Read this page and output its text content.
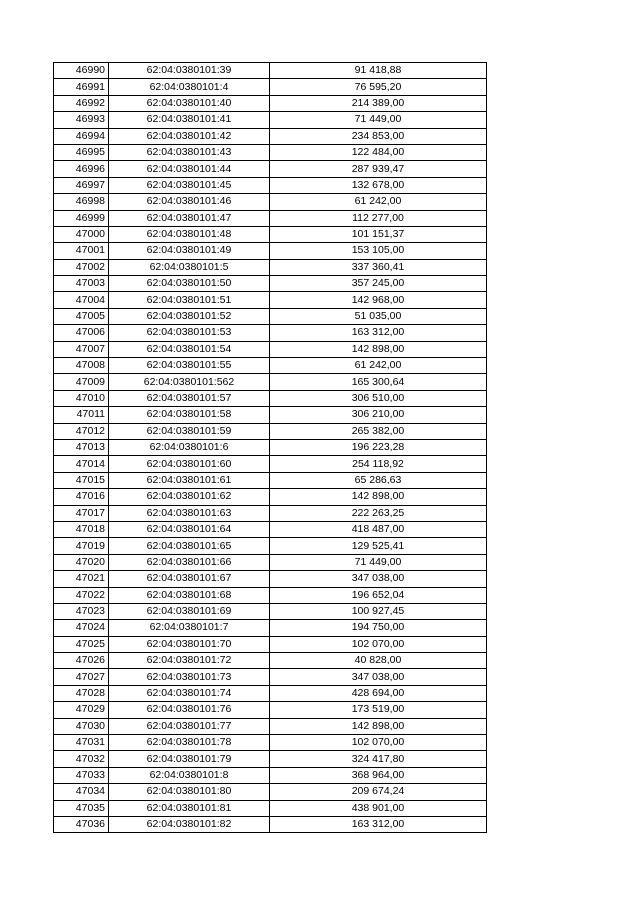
46990	62:04:0380101:39	91 418,88
46991	62:04:0380101:4	76 595,20
46992	62:04:0380101:40	214 389,00
46993	62:04:0380101:41	71 449,00
46994	62:04:0380101:42	234 853,00
46995	62:04:0380101:43	122 484,00
46996	62:04:0380101:44	287 939,47
46997	62:04:0380101:45	132 678,00
46998	62:04:0380101:46	61 242,00
46999	62:04:0380101:47	112 277,00
47000	62:04:0380101:48	101 151,37
47001	62:04:0380101:49	153 105,00
47002	62:04:0380101:5	337 360,41
47003	62:04:0380101:50	357 245,00
47004	62:04:0380101:51	142 968,00
47005	62:04:0380101:52	51 035,00
47006	62:04:0380101:53	163 312,00
47007	62:04:0380101:54	142 898,00
47008	62:04:0380101:55	61 242,00
47009	62:04:0380101:562	165 300,64
47010	62:04:0380101:57	306 510,00
47011	62:04:0380101:58	306 210,00
47012	62:04:0380101:59	265 382,00
47013	62:04:0380101:6	196 223,28
47014	62:04:0380101:60	254 118,92
47015	62:04:0380101:61	65 286,63
47016	62:04:0380101:62	142 898,00
47017	62:04:0380101:63	222 263,25
47018	62:04:0380101:64	418 487,00
47019	62:04:0380101:65	129 525,41
47020	62:04:0380101:66	71 449,00
47021	62:04:0380101:67	347 038,00
47022	62:04:0380101:68	196 652,04
47023	62:04:0380101:69	100 927,45
47024	62:04:0380101:7	194 750,00
47025	62:04:0380101:70	102 070,00
47026	62:04:0380101:72	40 828,00
47027	62:04:0380101:73	347 038,00
47028	62:04:0380101:74	428 694,00
47029	62:04:0380101:76	173 519,00
47030	62:04:0380101:77	142 898,00
47031	62:04:0380101:78	102 070,00
47032	62:04:0380101:79	324 417,80
47033	62:04:0380101:8	368 964,00
47034	62:04:0380101:80	209 674,24
47035	62:04:0380101:81	438 901,00
47036	62:04:0380101:82	163 312,00
